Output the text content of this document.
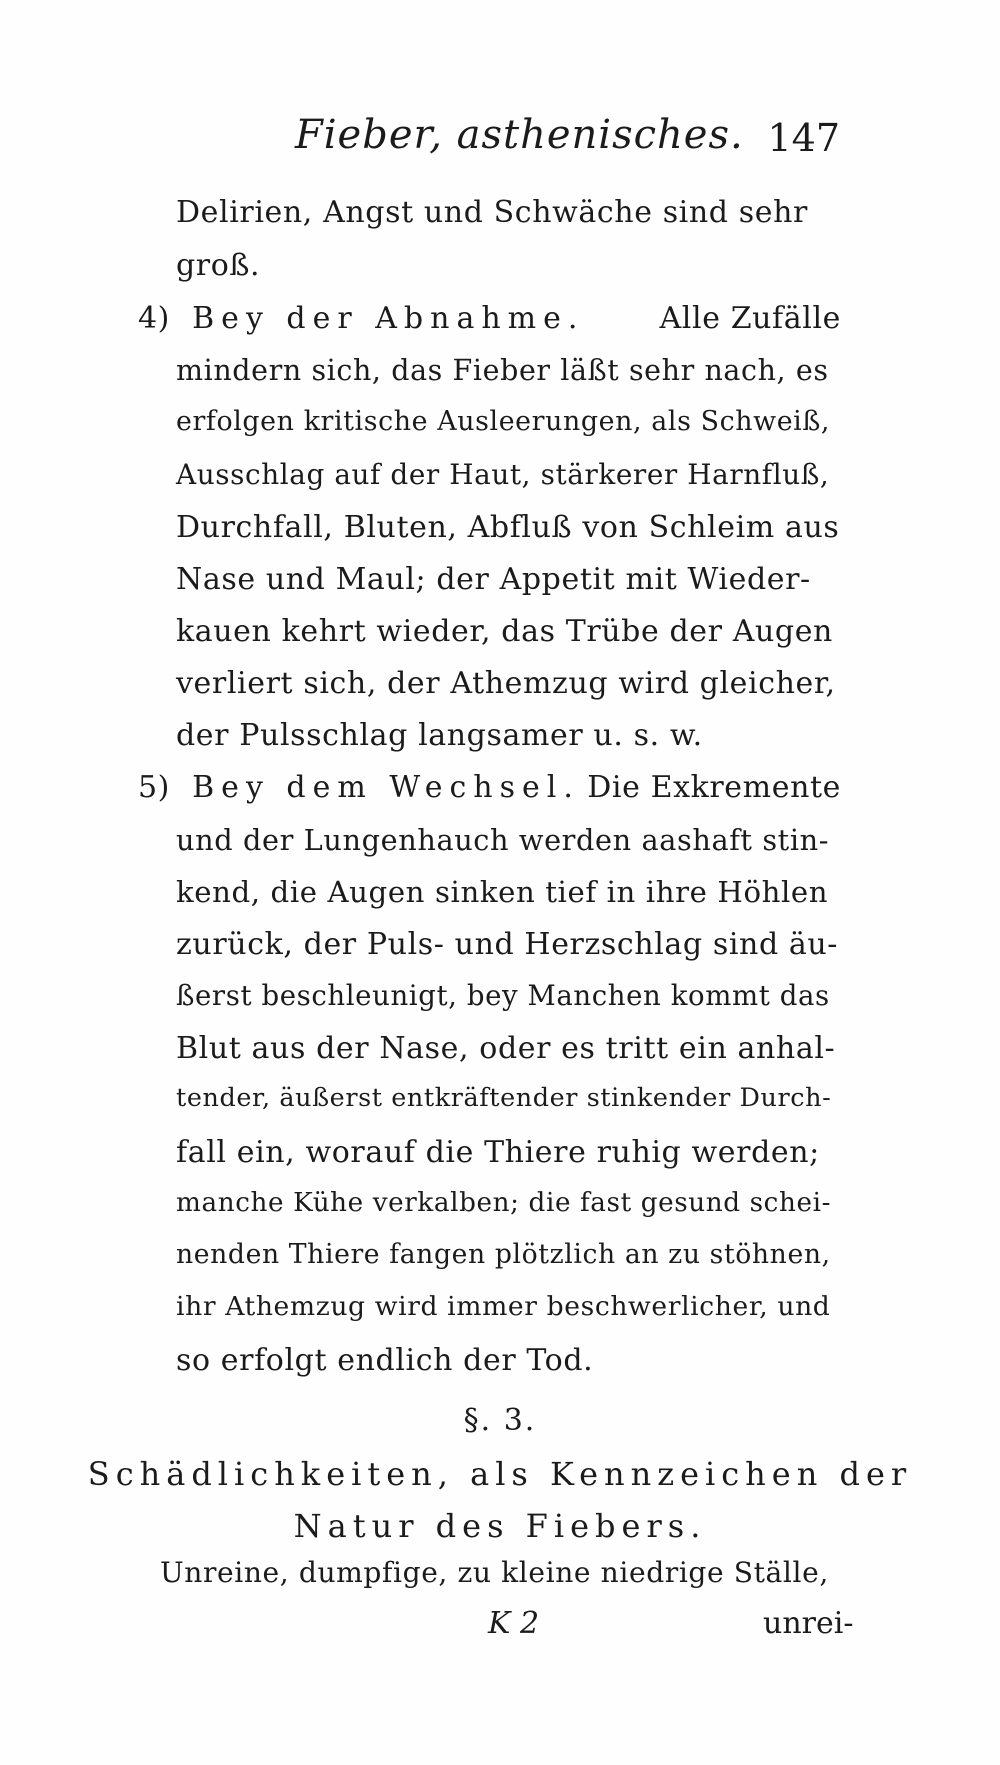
Fieber, asthenisches. 147
Delirien, Angst und Schwäche sind sehr
groß.
4) Bey der Abnahme.	Alle Zufälle
mindern sich, das Fieber läßt sehr nach, es
erfolgen kritische Ausleerungen, als Schweiß,
Ausschlag auf der Haut, stärkerer Harnfluß,
Durchfall, Bluten, Abfluß von Schleim aus
Nase und Maul; der Appetit mit Wieder-
kauen kehrt wieder, das Trübe der Augen
verliert sich, der Athemzug wird gleicher,
der Pulsschlag langsamer u. s. w.
5) Bey dem Wechsel. Die Exkremente
und der Lungenhauch werden aashaft stin-
kend, die Augen sinken tief in ihre Höhlen
zurück, der Puls- und Herzschlag sind äu-
ßerst beschleunigt, bey Manchen kommt das
Blut aus der Nase, oder es tritt ein anhal-
tender, äußerst entkräftender stinkender Durch-
fall ein, worauf die Thiere ruhig werden;
manche Kühe verkalben; die fast gesund schei-
nenden Thiere fangen plötzlich an zu stöhnen,
ihr Athemzug wird immer beschwerlicher, und
so erfolgt endlich der Tod.
§. 3.
Schädlichkeiten, als Kennzeichen der
Natur des Fiebers.
Unreine, dumpfige, zu kleine niedrige Ställe,
K 2	unrei-
